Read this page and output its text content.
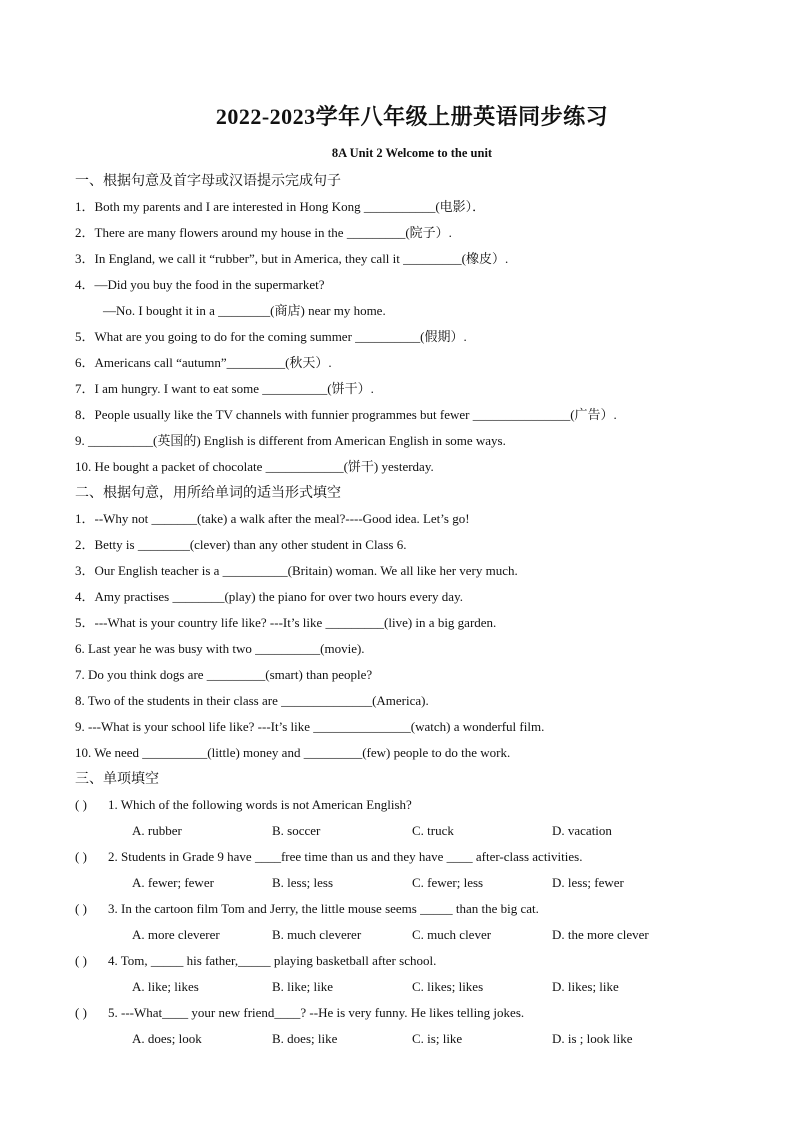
2022-2023学年八年级上册英语同步练习
8A Unit 2 Welcome to the unit
一、根据句意及首字母或汉语提示完成句子
1．Both my parents and I are interested in Hong Kong ___________(电影）．
2．There are many flowers around my house in the _________(院子）.
3．In England, we call it “rubber”, but in America, they call it _________(橡皮）.
4．—Did you buy the food in the supermarket?
—No. I bought it in a ________(商店) near my home.
5．What are you going to do for the coming summer __________(假期）.
6．Americans call “autumn”_________(秋天）.
7．I am hungry. I want to eat some __________(饼干）.
8．People usually like the TV channels with funnier programmes but fewer _______________(广告）.
9. __________(英国的) English is different from American English in some ways.
10. He bought a packet of chocolate ____________(饼干) yesterday.
二、根据句意，用所给单词的适当形式填空
1．--Why not _______(take) a walk after the meal?----Good idea. Let’s go!
2．Betty is ________(clever) than any other student in Class 6.
3．Our English teacher is a __________(Britain) woman. We all like her very much.
4．Amy practises ________(play) the piano for over two hours every day.
5．---What is your country life like? ---It’s like _________(live) in a big garden.
6. Last year he was busy with two __________(movie).
7. Do you think dogs are _________(smart) than people?
8. Two of the students in their class are ______________(America).
9. ---What is your school life like? ---It’s like _______________(watch) a wonderful film.
10. We need __________(little) money and _________(few) people to do the work.
三、单项填空
( )	1. Which of the following words is not American English?
A. rubber	B. soccer	C. truck	D. vacation
( )	2. Students in Grade 9 have ____free time than us and they have ____ after-class activities.
A. fewer; fewer	B. less; less	C. fewer; less	D. less; fewer
( )	3. In the cartoon film Tom and Jerry, the little mouse seems _____ than the big cat.
A. more cleverer	B. much cleverer	C. much clever	D. the more clever
( )	4. Tom, _____ his father,_____ playing basketball after school.
A. like; likes	B. like; like	C. likes; likes	D. likes; like
( )	5. ---What____ your new friend____? --He is very funny. He likes telling jokes.
A. does; look	B. does; like	C. is; like	D. is ; look like
